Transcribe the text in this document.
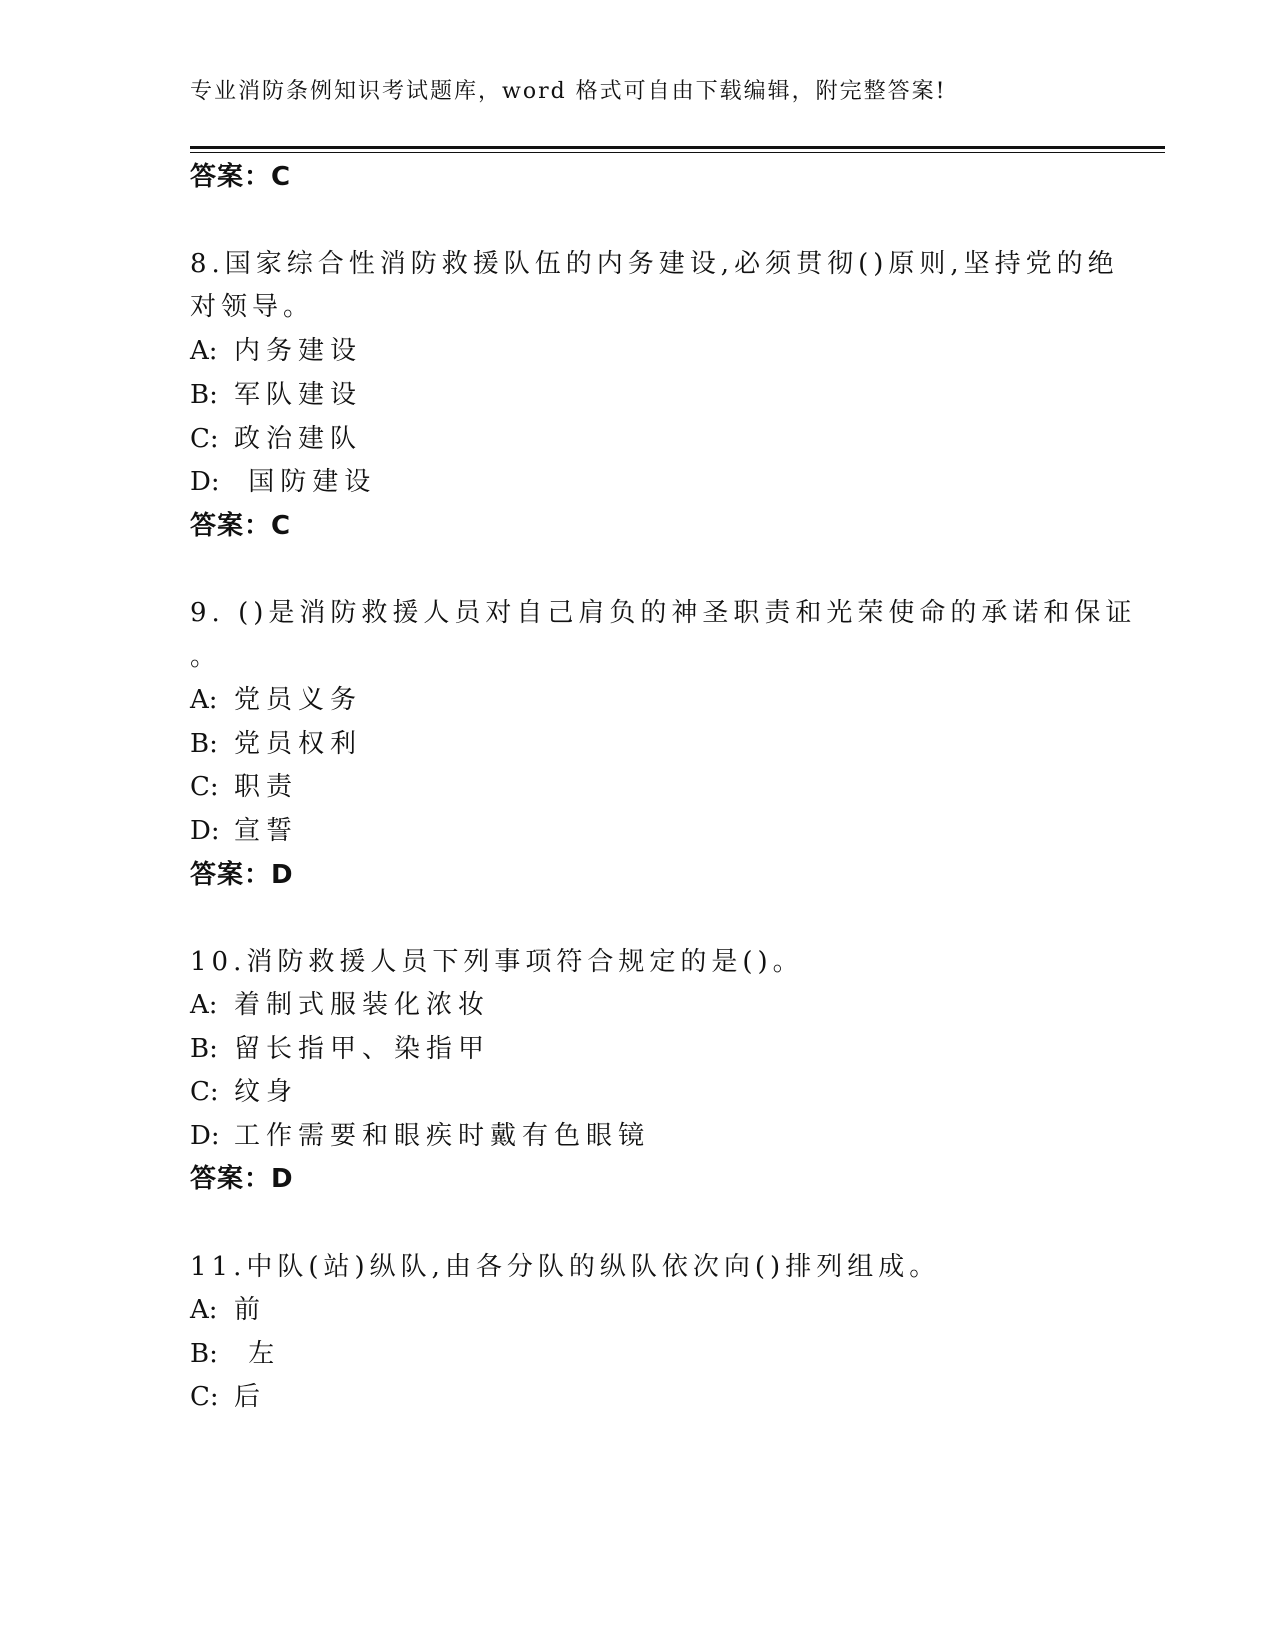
专业消防条例知识考试题库，word 格式可自由下载编辑，附完整答案!
答案：C
8.国家综合性消防救援队伍的内务建设,必须贯彻()原则,坚持党的绝
对领导。
A: 内务建设
B: 军队建设
C: 政治建队
D: 国防建设
答案：C
9. ()是消防救援人员对自己肩负的神圣职责和光荣使命的承诺和保证
。
A: 党员义务
B: 党员权利
C: 职责
D: 宣誓
答案：D
10.消防救援人员下列事项符合规定的是()。
A: 着制式服装化浓妆
B: 留长指甲、染指甲
C: 纹身
D: 工作需要和眼疾时戴有色眼镜
答案：D
11.中队(站)纵队,由各分队的纵队依次向()排列组成。
A: 前
B: 左
C: 后
